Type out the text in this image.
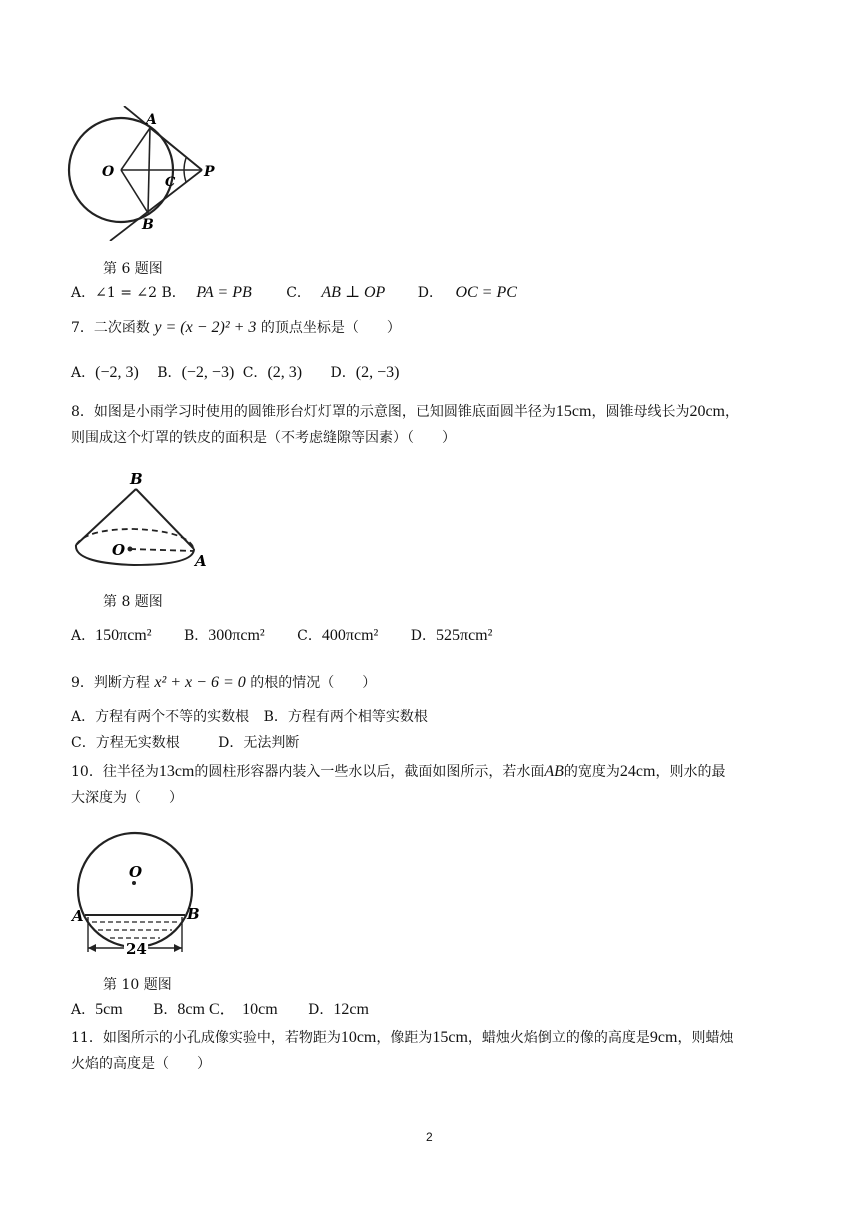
A
O
C
P
B
第 6 题图
A．∠1 = ∠2 B． PA = PB C． AB ⊥ OP D． OC = PC
7．二次函数 y = (x − 2)² + 3 的顶点坐标是（　　）
A．(−2, 3) B．(−2, −3) C．(2, 3) D．(2, −3)
8．如图是小雨学习时使用的圆锥形台灯灯罩的示意图，已知圆锥底面圆半径为15cm，圆锥母线长为20cm，
则围成这个灯罩的铁皮的面积是（不考虑缝隙等因素）（　　）
B
O
A
第 8 题图
A．150πcm² B．300πcm² C．400πcm² D．525πcm²
9．判断方程 x² + x − 6 = 0 的根的情况（　　）
A．方程有两个不等的实数根 B．方程有两个相等实数根
C．方程无实数根	D．无法判断
10．往半径为13cm的圆柱形容器内装入一些水以后，截面如图所示，若水面AB的宽度为24cm，则水的最
大深度为（　　）
O
A	B
24
第 10 题图
A．5cm B．8cm C． 10cm D．12cm
11．如图所示的小孔成像实验中，若物距为10cm，像距为15cm，蜡烛火焰倒立的像的高度是9cm，则蜡烛
火焰的高度是（　　）
2
